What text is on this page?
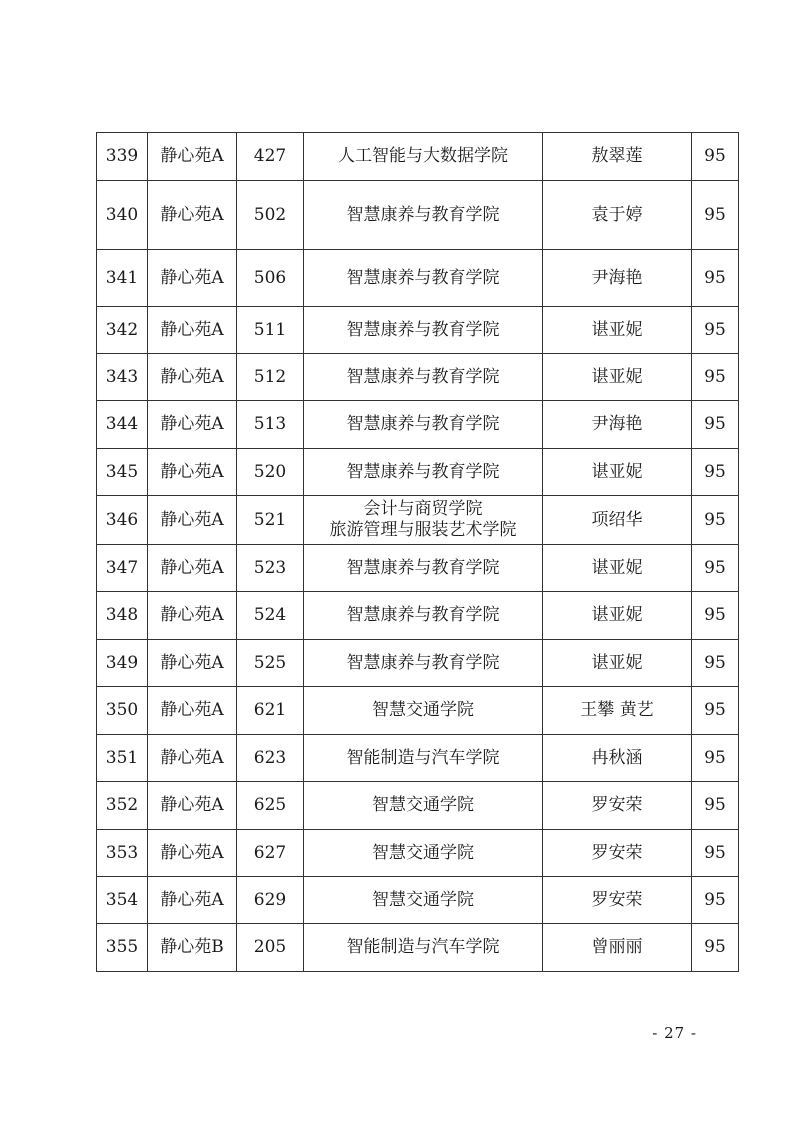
339	静心苑A	427	人工智能与大数据学院	敖翠莲	95
340	静心苑A	502	智慧康养与教育学院	袁于婷	95
341	静心苑A	506	智慧康养与教育学院	尹海艳	95
342	静心苑A	511	智慧康养与教育学院	谌亚妮	95
343	静心苑A	512	智慧康养与教育学院	谌亚妮	95
344	静心苑A	513	智慧康养与教育学院	尹海艳	95
345	静心苑A	520	智慧康养与教育学院	谌亚妮	95
346	静心苑A	521	会计与商贸学院
旅游管理与服装艺术学院	项绍华	95
347	静心苑A	523	智慧康养与教育学院	谌亚妮	95
348	静心苑A	524	智慧康养与教育学院	谌亚妮	95
349	静心苑A	525	智慧康养与教育学院	谌亚妮	95
350	静心苑A	621	智慧交通学院	王攀 黄艺	95
351	静心苑A	623	智能制造与汽车学院	冉秋涵	95
352	静心苑A	625	智慧交通学院	罗安荣	95
353	静心苑A	627	智慧交通学院	罗安荣	95
354	静心苑A	629	智慧交通学院	罗安荣	95
355	静心苑B	205	智能制造与汽车学院	曾丽丽	95
- 27 -
